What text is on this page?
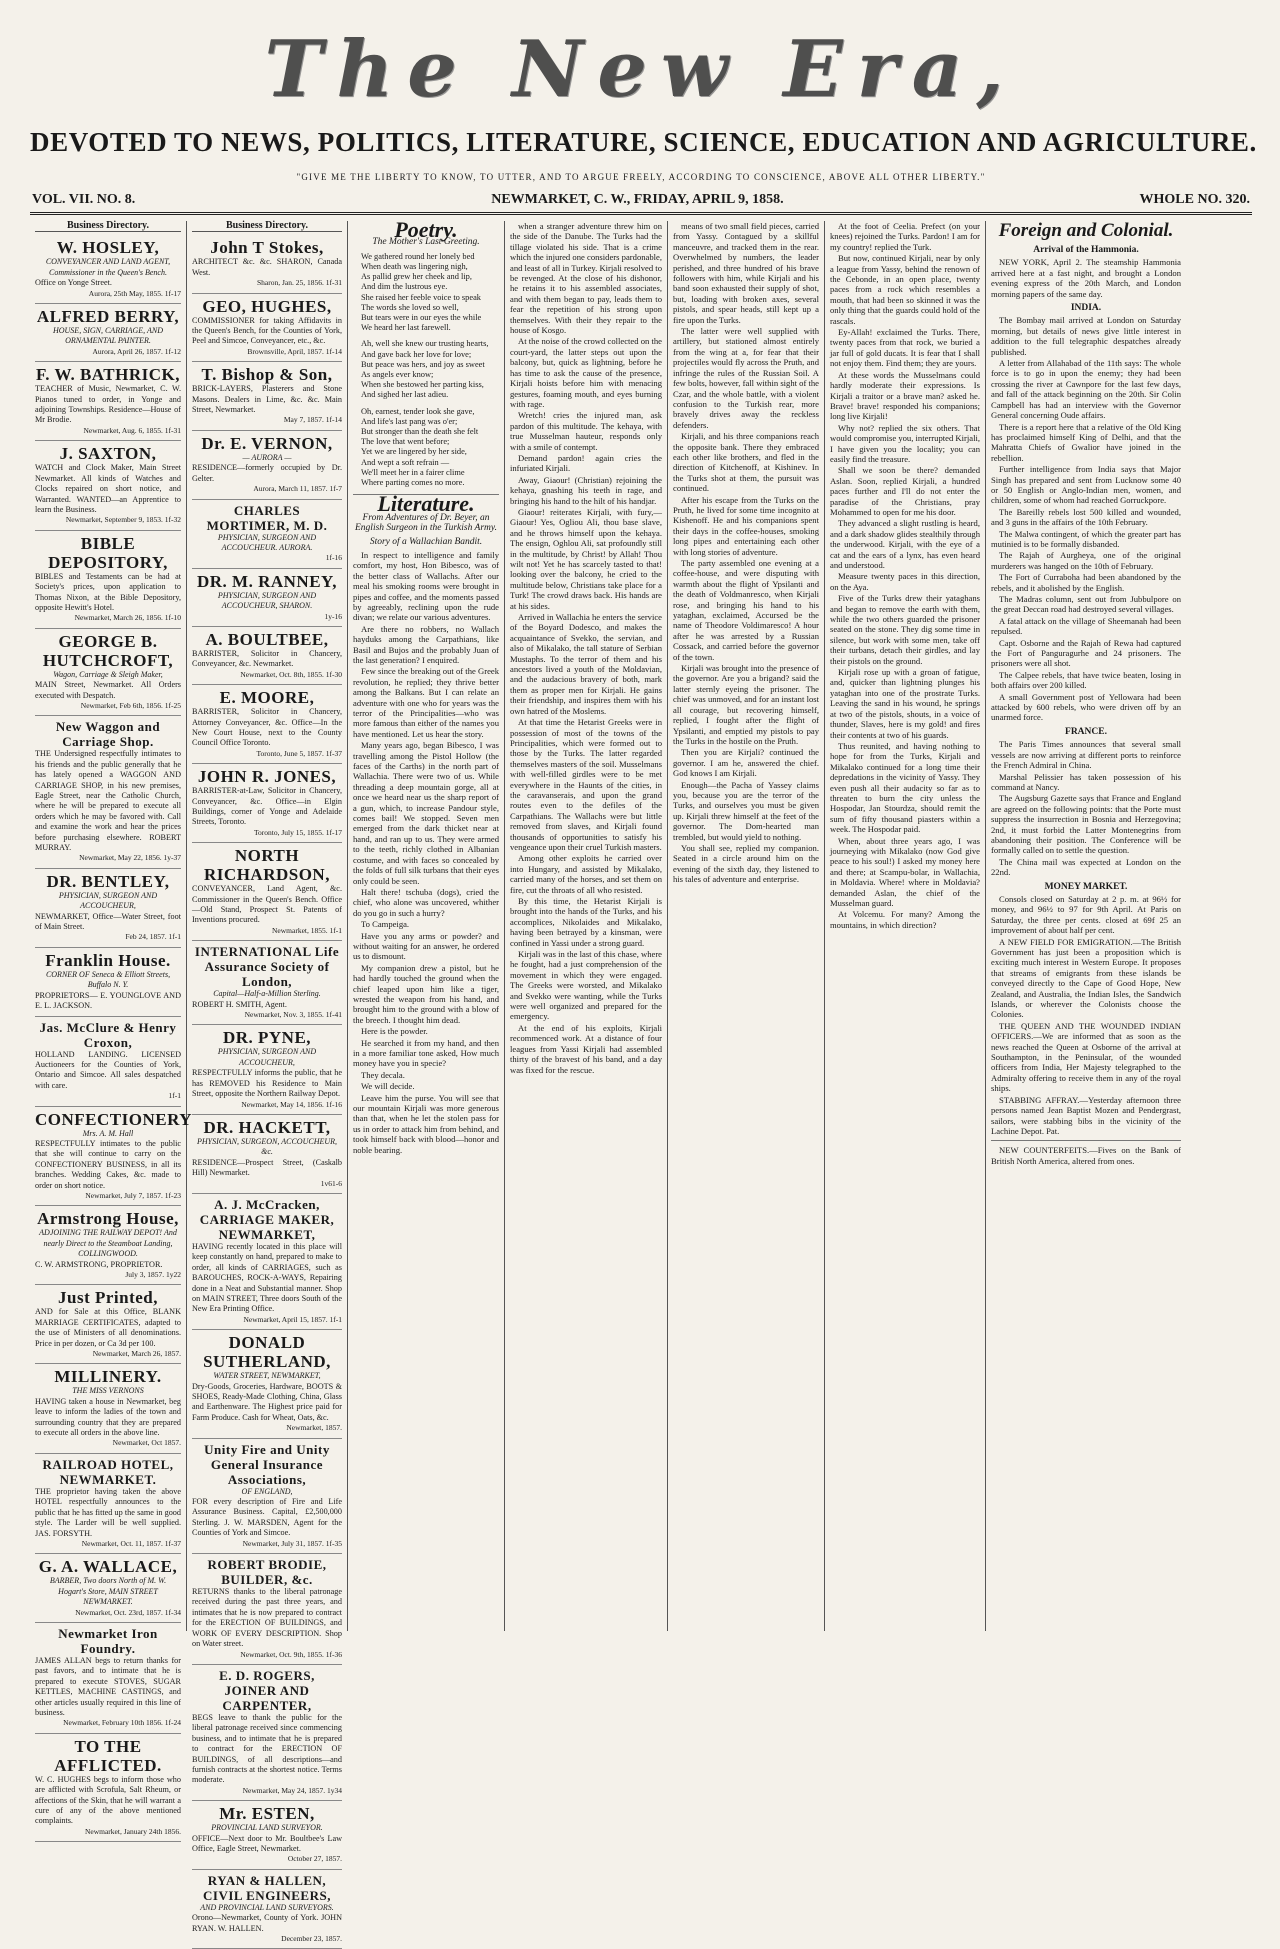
The New Era,
DEVOTED TO NEWS, POLITICS, LITERATURE, SCIENCE, EDUCATION AND AGRICULTURE.
"GIVE ME THE LIBERTY TO KNOW, TO UTTER, AND TO ARGUE FREELY, ACCORDING TO CONSCIENCE, ABOVE ALL OTHER LIBERTY."
VOL. VII. NO. 8.	NEWMARKET, C. W., FRIDAY, APRIL 9, 1858.	WHOLE NO. 320.
Business Directory.
W. HOSLEY,
CONVEYANCER AND LAND AGENT, Commissioner in the Queen's Bench.
Office on Yonge Street.
Aurora, 25th May, 1855. 1f-17
ALFRED BERRY,
HOUSE, SIGN, CARRIAGE, AND ORNAMENTAL PAINTER.
Aurora, April 26, 1857. 1f-12
F. W. BATHRICK,
TEACHER of Music, Newmarket, C. W. Pianos tuned to order, in Yonge and adjoining Townships. Residence—House of Mr Brodie.
Newmarket, Aug. 6, 1855. 1f-31
J. SAXTON,
WATCH and Clock Maker, Main Street Newmarket. All kinds of Watches and Clocks repaired on short notice, and Warranted. WANTED—an Apprentice to learn the Business.
Newmarket, September 9, 1853. 1f-32
BIBLE DEPOSITORY,
BIBLES and Testaments can be had at Society's prices, upon application to Thomas Nixon, at the Bible Depository, opposite Hewitt's Hotel.
Newmarket, March 26, 1856. 1f-10
GEORGE B. HUTCHCROFT,
Wagon, Carriage & Sleigh Maker,
MAIN Street, Newmarket. All Orders executed with Despatch.
Newmarket, Feb 6th, 1856. 1f-25
New Waggon and Carriage Shop.
THE Undersigned respectfully intimates to his friends and the public generally that he has lately opened a WAGGON AND CARRIAGE SHOP, in his new premises, Eagle Street, near the Catholic Church, where he will be prepared to execute all orders which he may be favored with. Call and examine the work and hear the prices before purchasing elsewhere. ROBERT MURRAY.
Newmarket, May 22, 1856. 1y-37
DR. BENTLEY,
PHYSICIAN, SURGEON AND ACCOUCHEUR,
NEWMARKET, Office—Water Street, foot of Main Street.
Feb 24, 1857. 1f-1
Franklin House.
CORNER OF Seneca & Elliott Streets, Buffalo N. Y.
PROPRIETORS— E. YOUNGLOVE AND E. L. JACKSON.
Jas. McClure & Henry Croxon,
HOLLAND LANDING. LICENSED Auctioneers for the Counties of York, Ontario and Simcoe. All sales despatched with care.
1f-1
CONFECTIONERY
Mrs. A. M. Hall
RESPECTFULLY intimates to the public that she will continue to carry on the CONFECTIONERY BUSINESS, in all its branches. Wedding Cakes, &c. made to order on short notice.
Newmarket, July 7, 1857. 1f-23
Armstrong House,
ADJOINING THE RAILWAY DEPOT! And nearly Direct to the Steamboat Landing, COLLINGWOOD.
C. W. ARMSTRONG, PROPRIETOR.
July 3, 1857. 1y22
Just Printed,
AND for Sale at this Office, BLANK MARRIAGE CERTIFICATES, adapted to the use of Ministers of all denominations. Price in per dozen, or Ca 3d per 100.
Newmarket, March 26, 1857.
MILLINERY.
THE MISS VERNONS
HAVING taken a house in Newmarket, beg leave to inform the ladies of the town and surrounding country that they are prepared to execute all orders in the above line.
Newmarket, Oct 1857.
RAILROAD HOTEL, NEWMARKET.
THE proprietor having taken the above HOTEL respectfully announces to the public that he has fitted up the same in good style. The Larder will be well supplied. JAS. FORSYTH.
Newmarket, Oct. 11, 1857. 1f-37
G. A. WALLACE,
BARBER, Two doors North of M. W. Hogart's Store, MAIN STREET NEWMARKET.
Newmarket, Oct. 23rd, 1857. 1f-34
Newmarket Iron Foundry.
JAMES ALLAN begs to return thanks for past favors, and to intimate that he is prepared to execute STOVES, SUGAR KETTLES, MACHINE CASTINGS, and other articles usually required in this line of business.
Newmarket, February 10th 1856. 1f-24
TO THE AFFLICTED.
W. C. HUGHES begs to inform those who are afflicted with Scrofula, Salt Rheum, or affections of the Skin, that he will warrant a cure of any of the above mentioned complaints.
Newmarket, January 24th 1856.
Business Directory.
John T Stokes,
ARCHITECT &c. &c. SHARON, Canada West.
Sharon, Jan. 25, 1856. 1f-31
GEO, HUGHES,
COMMISSIONER for taking Affidavits in the Queen's Bench, for the Counties of York, Peel and Simcoe, Conveyancer, etc., &c.
Brownsville, April, 1857. 1f-14
T. Bishop & Son,
BRICK-LAYERS, Plasterers and Stone Masons. Dealers in Lime, &c. &c. Main Street, Newmarket.
May 7, 1857. 1f-14
Dr. E. VERNON,
— AURORA —
RESIDENCE—formerly occupied by Dr. Gelter.
Aurora, March 11, 1857. 1f-7
CHARLES MORTIMER, M. D.
PHYSICIAN, SURGEON AND ACCOUCHEUR. AURORA.
1f-16
DR. M. RANNEY,
PHYSICIAN, SURGEON AND ACCOUCHEUR, SHARON.
1y-16
A. BOULTBEE,
BARRISTER, Solicitor in Chancery, Conveyancer, &c. Newmarket.
Newmarket, Oct. 8th, 1855. 1f-30
E. MOORE,
BARRISTER, Solicitor in Chancery, Attorney Conveyancer, &c. Office—In the New Court House, next to the County Council Office Toronto.
Toronto, June 5, 1857. 1f-37
JOHN R. JONES,
BARRISTER-at-Law, Solicitor in Chancery, Conveyancer, &c. Office—in Elgin Buildings, corner of Yonge and Adelaide Streets, Toronto.
Toronto, July 15, 1855. 1f-17
NORTH RICHARDSON,
CONVEYANCER, Land Agent, &c. Commissioner in the Queen's Bench. Office—Old Stand, Prospect St. Patents of Inventions procured.
Newmarket, 1855. 1f-1
INTERNATIONAL Life Assurance Society of London,
Capital—Half-a-Million Sterling.
ROBERT H. SMITH, Agent.
Newmarket, Nov. 3, 1855. 1f-41
DR. PYNE,
PHYSICIAN, SURGEON AND ACCOUCHEUR,
RESPECTFULLY informs the public, that he has REMOVED his Residence to Main Street, opposite the Northern Railway Depot.
Newmarket, May 14, 1856. 1f-16
DR. HACKETT,
PHYSICIAN, SURGEON, ACCOUCHEUR, &c.
RESIDENCE—Prospect Street, (Caskalb Hill) Newmarket.
1v61-6
A. J. McCracken, CARRIAGE MAKER, NEWMARKET,
HAVING recently located in this place will keep constantly on hand, prepared to make to order, all kinds of CARRIAGES, such as BAROUCHES, ROCK-A-WAYS, Repairing done in a Neat and Substantial manner. Shop on MAIN STREET, Three doors South of the New Era Printing Office.
Newmarket, April 15, 1857. 1f-1
DONALD SUTHERLAND,
WATER STREET, NEWMARKET,
Dry-Goods, Groceries, Hardware, BOOTS & SHOES, Ready-Made Clothing, China, Glass and Earthenware. The Highest price paid for Farm Produce. Cash for Wheat, Oats, &c.
Newmarket, 1857.
Unity Fire and Unity General Insurance Associations,
OF ENGLAND,
FOR every description of Fire and Life Assurance Business. Capital, £2,500,000 Sterling. J. W. MARSDEN, Agent for the Counties of York and Simcoe.
Newmarket, July 31, 1857. 1f-35
ROBERT BRODIE, BUILDER, &c.
RETURNS thanks to the liberal patronage received during the past three years, and intimates that he is now prepared to contract for the ERECTION OF BUILDINGS, and WORK OF EVERY DESCRIPTION. Shop on Water street.
Newmarket, Oct. 9th, 1855. 1f-36
E. D. ROGERS, JOINER AND CARPENTER,
BEGS leave to thank the public for the liberal patronage received since commencing business, and to intimate that he is prepared to contract for the ERECTION OF BUILDINGS, of all descriptions—and furnish contracts at the shortest notice. Terms moderate.
Newmarket, May 24, 1857. 1y34
Mr. ESTEN,
PROVINCIAL LAND SURVEYOR.
OFFICE—Next door to Mr. Boultbee's Law Office, Eagle Street, Newmarket.
October 27, 1857.
RYAN & HALLEN, CIVIL ENGINEERS,
AND PROVINCIAL LAND SURVEYORS.
Orono—Newmarket, County of York. JOHN RYAN. W. HALLEN.
December 23, 1857.
Poetry.
The Mother's Last Greeting.
We gathered round her lonely bed
When death was lingering nigh,
As pallid grew her cheek and lip,
And dim the lustrous eye.
She raised her feeble voice to speak
The words she loved so well,
But tears were in our eyes the while
We heard her last farewell.
Ah, well she knew our trusting hearts,
And gave back her love for love;
But peace was hers, and joy as sweet
As angels ever know;
When she bestowed her parting kiss,
And sighed her last adieu.
Oh, earnest, tender look she gave,
And life's last pang was o'er;
But stronger than the death she felt
The love that went before;
Yet we are lingered by her side,
And wept a soft refrain —
We'll meet her in a fairer clime
Where parting comes no more.
Literature.
From Adventures of Dr. Beyer, an English Surgeon in the Turkish Army.
Story of a Wallachian Bandit.

In respect to intelligence and family comfort, my host, Hon Bibesco, was of the better class of Wallachs. After our meal his smoking rooms were brought in pipes and coffee, and the moments passed by agreeably, reclining upon the rude divan; we relate our various adventures.

Are there no robbers, no Wallach hayduks among the Carpathians, like Basil and Bujos and the probably Juan of the last generation? I enquired.

Few since the breaking out of the Greek revolution, he replied; they thrive better among the Balkans. But I can relate an adventure with one who for years was the terror of the Principalities—who was more famous than either of the names you have mentioned. Let us hear the story.

Many years ago, began Bibesco, I was travelling among the Pistol Hollow (the faces of the Carths) in the north part of Wallachia. There were two of us. While threading a deep mountain gorge, all at once we heard near us the sharp report of a gun, which, to increase Pandour style, comes bail! We stopped. Seven men emerged from the dark thicket near at hand, and ran up to us. They were armed to the teeth, richly clothed in Albanian costume, and with faces so concealed by the folds of full silk turbans that their eyes only could be seen.

Halt there! tschuba (dogs), cried the chief, who alone was uncovered, whither do you go in such a hurry?

To Campeiga.

Have you any arms or powder? and without waiting for an answer, he ordered us to dismount.

My companion drew a pistol, but he had hardly touched the ground when the chief leaped upon him like a tiger, wrested the weapon from his hand, and brought him to the ground with a blow of the breech. I thought him dead.

Here is the powder.

He searched it from my hand, and then in a more familiar tone asked, How much money have you in specie?

They decala.

We will decide.

Leave him the purse. You will see that our mountain Kirjali was more generous than that, when he let the stolen pass for us in order to attack him from behind, and took himself back with blood—honor and noble bearing.

when a stranger adventure threw him on the side of the Danube. The Turks had the tillage violated his side. That is a crime which the injured one considers pardonable, and least of all in Turkey. Kirjali resolved to be revenged. At the close of his dishonor, he retains it to his assembled associates, and with them began to pay, leads them to fear the repetition of his strong upon themselves. With their they repair to the house of Kosgo.

At the noise of the crowd collected on the court-yard, the latter steps out upon the balcony, but, quick as lightning, before he has time to ask the cause of the presence, Kirjali hoists before him with menacing gestures, foaming mouth, and eyes burning with rage.

Wretch! cries the injured man, ask pardon of this multitude. The kehaya, with true Musselman hauteur, responds only with a smile of contempt.

Demand pardon! again cries the infuriated Kirjali.

Away, Giaour! (Christian) rejoining the kehaya, gnashing his teeth in rage, and bringing his hand to the hilt of his handjar.

Giaour! reiterates Kirjali, with fury,—Giaour! Yes, Ogliou Ali, thou base slave, and he throws himself upon the kehaya. The ensign, Oghlou Ali, sat profoundly still in the multitude, by Christ! by Allah! Thou wilt not! Yet he has scarcely tasted to that! looking over the balcony, he cried to the multitude below, Christians take place for a Turk! The crowd draws back. His hands are at his sides.

Arrived in Wallachia he enters the service of the Boyard Dodesco, and makes the acquaintance of Svekko, the servian, and also of Mikalako, the tall stature of Serbian Mustaphs. To the terror of them and his ancestors lived a youth of the Moldavian, and the audacious bravery of both, mark them as proper men for Kirjali. He gains their friendship, and inspires them with his own hatred of the Moslems.

At that time the Hetarist Greeks were in possession of most of the towns of the Principalities, which were formed out to those by the Turks. The latter regarded themselves masters of the soil. Musselmans with well-filled girdles were to be met everywhere in the Haunts of the cities, in the caravanserais, and upon the grand routes even to the defiles of the Carpathians. The Wallachs were but little removed from slaves, and Kirjali found thousands of opportunities to satisfy his vengeance upon their cruel Turkish masters.

Among other exploits he carried over into Hungary, and assisted by Mikalako, carried many of the horses, and set them on fire, cut the throats of all who resisted.

By this time, the Hetarist Kirjali is brought into the hands of the Turks, and his accomplices, Nikolaides and Mikalako, having been betrayed by a kinsman, were confined in Yassi under a strong guard.

Kirjali was in the last of this chase, where he fought, had a just comprehension of the movement in which they were engaged. The Greeks were worsted, and Mikalako and Svekko were wanting, while the Turks were well organized and prepared for the emergency.

At the end of his exploits, Kirjali recommenced work. At a distance of four leagues from Yassi Kirjali had assembled thirty of the bravest of his band, and a day was fixed for the rescue.

means of two small field pieces, carried from Yassy. Contagued by a skillful manceuvre, and tracked them in the rear. Overwhelmed by numbers, the leader perished, and three hundred of his brave followers with him, while Kirjali and his band soon exhausted their supply of shot, but, loading with broken axes, several pistols, and spear heads, still kept up a fire upon the Turks.

The latter were well supplied with artillery, but stationed almost entirely from the wing at a, for fear that their projectiles would fly across the Pruth, and infringe the rules of the Russian Soil. A few bolts, however, fall within sight of the Czar, and the whole battle, with a violent confusion to the Turkish rear, more bravely drives away the reckless defenders.

Kirjali, and his three companions reach the opposite bank. There they embraced each other like brothers, and fled in the direction of Kitchenoff, at Kishinev. In the Turks shot at them, the pursuit was continued.

After his escape from the Turks on the Pruth, he lived for some time incognito at Kishenoff. He and his companions spent their days in the coffee-houses, smoking long pipes and entertaining each other with long stories of adventure.

The party assembled one evening at a coffee-house, and were disputing with warmth about the flight of Ypsilanti and the death of Voldmanresco, when Kirjali rose, and bringing his hand to his yataghan, exclaimed, Accursed be the name of Theodore Voldimaresco! A hour after he was arrested by a Russian Cossack, and carried before the governor of the town.

Kirjali was brought into the presence of the governor. Are you a brigand? said the latter sternly eyeing the prisoner. The chief was unmoved, and for an instant lost all courage, but recovering himself, replied, I fought after the flight of Ypsilanti, and emptied my pistols to pay the Turks in the hostile on the Pruth.

Then you are Kirjali? continued the governor. I am he, answered the chief. God knows I am Kirjali.

Enough—the Pacha of Yassey claims you, because you are the terror of the Turks, and ourselves you must be given up. Kirjali threw himself at the feet of the governor. The Dom-hearted man trembled, but would yield to nothing.

You shall see, replied my companion. Seated in a circle around him on the evening of the sixth day, they listened to his tales of adventure and enterprise.

At the foot of Ceelia. Prefect (on your knees) rejoined the Turks. Pardon! I am for my country! replied the Turk.

But now, continued Kirjali, near by only a league from Yassy, behind the renown of the Cebonde, in an open place, twenty paces from a rock which resembles a mouth, that had been so skinned it was the only thing that the guards could hold of the rascals.

Ey-Allah! exclaimed the Turks. There, twenty paces from that rock, we buried a jar full of gold ducats. It is fear that I shall not enjoy them. Find them; they are yours.

At these words the Musselmans could hardly moderate their expressions. Is Kirjali a traitor or a brave man? asked he. Brave! brave! responded his companions; long live Kirjali!

Why not? replied the six others. That would compromise you, interrupted Kirjali, I have given you the locality; you can easily find the treasure.

Shall we soon be there? demanded Aslan. Soon, replied Kirjali, a hundred paces further and I'll do not enter the paradise of the Christians, pray Mohammed to open for me his door.

They advanced a slight rustling is heard, and a dark shadow glides stealthily through the underwood. Kirjali, with the eye of a cat and the ears of a lynx, has even heard and understood.

Measure twenty paces in this direction, on the Aya.

Five of the Turks drew their yataghans and began to remove the earth with them, while the two others guarded the prisoner seated on the stone. They dig some time in silence, but work with some men, take off their turbans, detach their girdles, and lay their pistols on the ground.

Kirjali rose up with a groan of fatigue, and, quicker than lightning plunges his yataghan into one of the prostrate Turks. Leaving the sand in his wound, he springs at two of the pistols, shouts, in a voice of thunder, Slaves, here is my gold! and fires their contents at two of his guards.

Thus reunited, and having nothing to hope for from the Turks, Kirjali and Mikalako continued for a long time their depredations in the vicinity of Yassy. They even push all their audacity so far as to threaten to burn the city unless the Hospodar, Jan Stourdza, should remit the sum of fifty thousand piasters within a week. The Hospodar paid.

When, about three years ago, I was journeying with Mikalako (now God give peace to his soul!) I asked my money here and there; at Scampu-bolar, in Wallachia, in Moldavia. Where! where in Moldavia? demanded Aslan, the chief of the Musselman guard.

At Volcemu. For many? Among the mountains, in which direction?

Foreign and Colonial.
Arrival of the Hammonia.

NEW YORK, April 2. The steamship Hammonia arrived here at a fast night, and brought a London evening express of the 20th March, and London morning papers of the same day.

INDIA.

The Bombay mail arrived at London on Saturday morning, but details of news give little interest in addition to the full telegraphic despatches already published.

A letter from Allahabad of the 11th says: The whole force is to go in upon the enemy; they had been crossing the river at Cawnpore for the last few days, and fall of the attack beginning on the 20th. Sir Colin Campbell has had an interview with the Governor General concerning Oude affairs.

There is a report here that a relative of the Old King has proclaimed himself King of Delhi, and that the Mahratta Chiefs of Gwalior have joined in the rebellion.

Further intelligence from India says that Major Singh has prepared and sent from Lucknow some 40 or 50 English or Anglo-Indian men, women, and children, some of whom had reached Gorruckpore.

The Bareilly rebels lost 500 killed and wounded, and 3 guns in the affairs of the 10th February.

The Malwa contingent, of which the greater part has mutinied is to be formally disbanded.

The Rajah of Aurgheya, one of the original murderers was hanged on the 10th of February.

The Fort of Curraboha had been abandoned by the rebels, and it abolished by the English.

The Madras column, sent out from Jubbulpore on the great Deccan road had destroyed several villages.

A fatal attack on the village of Sheemanah had been repulsed.

Capt. Osborne and the Rajah of Rewa had captured the Fort of Panguragurhe and 24 prisoners. The prisoners were all shot.

The Calpee rebels, that have twice beaten, losing in both affairs over 200 killed.

A small Government post of Yellowara had been attacked by 600 rebels, who were driven off by an unarmed force.

FRANCE.

The Paris Times announces that several small vessels are now arriving at different ports to reinforce the French Admiral in China.

Marshal Pelissier has taken possession of his command at Nancy.

The Augsburg Gazette says that France and England are agreed on the following points: that the Porte must suppress the insurrection in Bosnia and Herzegovina; 2nd, it must forbid the Latter Montenegrins from abandoning their position. The Conference will be formally called on to settle the question.

The China mail was expected at London on the 22nd.

MONEY MARKET.

Consols closed on Saturday at 2 p. m. at 96½ for money, and 96½ to 97 for 9th April. At Paris on Saturday, the three per cents. closed at 69f 25 an improvement of about half per cent.

A NEW FIELD FOR EMIGRATION.—The British Government has just been a proposition which is exciting much interest in Western Europe. It proposes that streams of emigrants from these islands be conveyed directly to the Cape of Good Hope, New Zealand, and Australia, the Indian Isles, the Sandwich Islands, or wherever the Colonists choose the Colonies.

THE QUEEN AND THE WOUNDED INDIAN OFFICERS.—We are informed that as soon as the news reached the Queen at Osborne of the arrival at Southampton, in the Peninsular, of the wounded officers from India, Her Majesty telegraphed to the Admiralty offering to receive them in any of the royal ships.

STABBING AFFRAY.—Yesterday afternoon three persons named Jean Baptist Mozen and Pendergrast, sailors, were stabbing bibs in the vicinity of the Lachine Depot. Pat.

NEW COUNTERFEITS.—Fives on the Bank of British North America, altered from ones.
